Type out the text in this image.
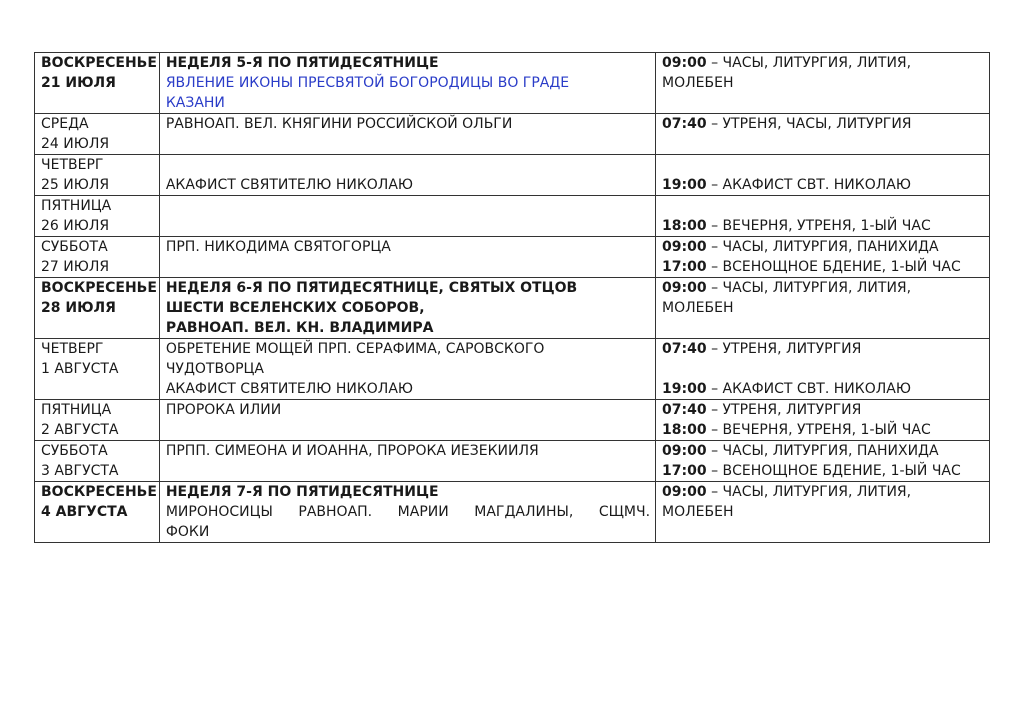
ВОСКРЕСЕНЬЕ
21 ИЮЛЯ	НЕДЕЛЯ 5-Я ПО ПЯТИДЕСЯТНИЦЕ
ЯВЛЕНИЕ ИКОНЫ ПРЕСВЯТОЙ БОГОРОДИЦЫ ВО ГРАДЕ
КАЗАНИ	09:00 – ЧАСЫ, ЛИТУРГИЯ, ЛИТИЯ,
МОЛЕБЕН

СРЕДА
24 ИЮЛЯ	РАВНОАП. ВЕЛ. КНЯГИНИ РОССИЙСКОЙ ОЛЬГИ	07:40 – УТРЕНЯ, ЧАСЫ, ЛИТУРГИЯ

ЧЕТВЕРГ
25 ИЮЛЯ	АКАФИСТ СВЯТИТЕЛЮ НИКОЛАЮ	19:00 – АКАФИСТ СВТ. НИКОЛАЮ

ПЯТНИЦА
26 ИЮЛЯ		18:00 – ВЕЧЕРНЯ, УТРЕНЯ, 1-ЫЙ ЧАС

СУББОТА
27 ИЮЛЯ	ПРП. НИКОДИМА СВЯТОГОРЦА	09:00 – ЧАСЫ, ЛИТУРГИЯ, ПАНИХИДА
17:00 – ВСЕНОЩНОЕ БДЕНИЕ, 1-ЫЙ ЧАС

ВОСКРЕСЕНЬЕ
28 ИЮЛЯ	НЕДЕЛЯ 6-Я ПО ПЯТИДЕСЯТНИЦЕ, СВЯТЫХ ОТЦОВ
ШЕСТИ ВСЕЛЕНСКИХ СОБОРОВ,
РАВНОАП. ВЕЛ. КН. ВЛАДИМИРА	09:00 – ЧАСЫ, ЛИТУРГИЯ, ЛИТИЯ,
МОЛЕБЕН

ЧЕТВЕРГ
1 АВГУСТА	ОБРЕТЕНИЕ МОЩЕЙ ПРП. СЕРАФИМА, САРОВСКОГО
ЧУДОТВОРЦА
АКАФИСТ СВЯТИТЕЛЮ НИКОЛАЮ	07:40 – УТРЕНЯ, ЛИТУРГИЯ
19:00 – АКАФИСТ СВТ. НИКОЛАЮ

ПЯТНИЦА
2 АВГУСТА	ПРОРОКА ИЛИИ	07:40 – УТРЕНЯ, ЛИТУРГИЯ
18:00 – ВЕЧЕРНЯ, УТРЕНЯ, 1-ЫЙ ЧАС

СУББОТА
3 АВГУСТА	ПРПП. СИМЕОНА И ИОАННА, ПРОРОКА ИЕЗЕКИИЛЯ	09:00 – ЧАСЫ, ЛИТУРГИЯ, ПАНИХИДА
17:00 – ВСЕНОЩНОЕ БДЕНИЕ, 1-ЫЙ ЧАС

ВОСКРЕСЕНЬЕ
4 АВГУСТА	НЕДЕЛЯ 7-Я ПО ПЯТИДЕСЯТНИЦЕ
МИРОНОСИЦЫ РАВНОАП. МАРИИ МАГДАЛИНЫ, СЩМЧ.
ФОКИ	09:00 – ЧАСЫ, ЛИТУРГИЯ, ЛИТИЯ,
МОЛЕБЕН
